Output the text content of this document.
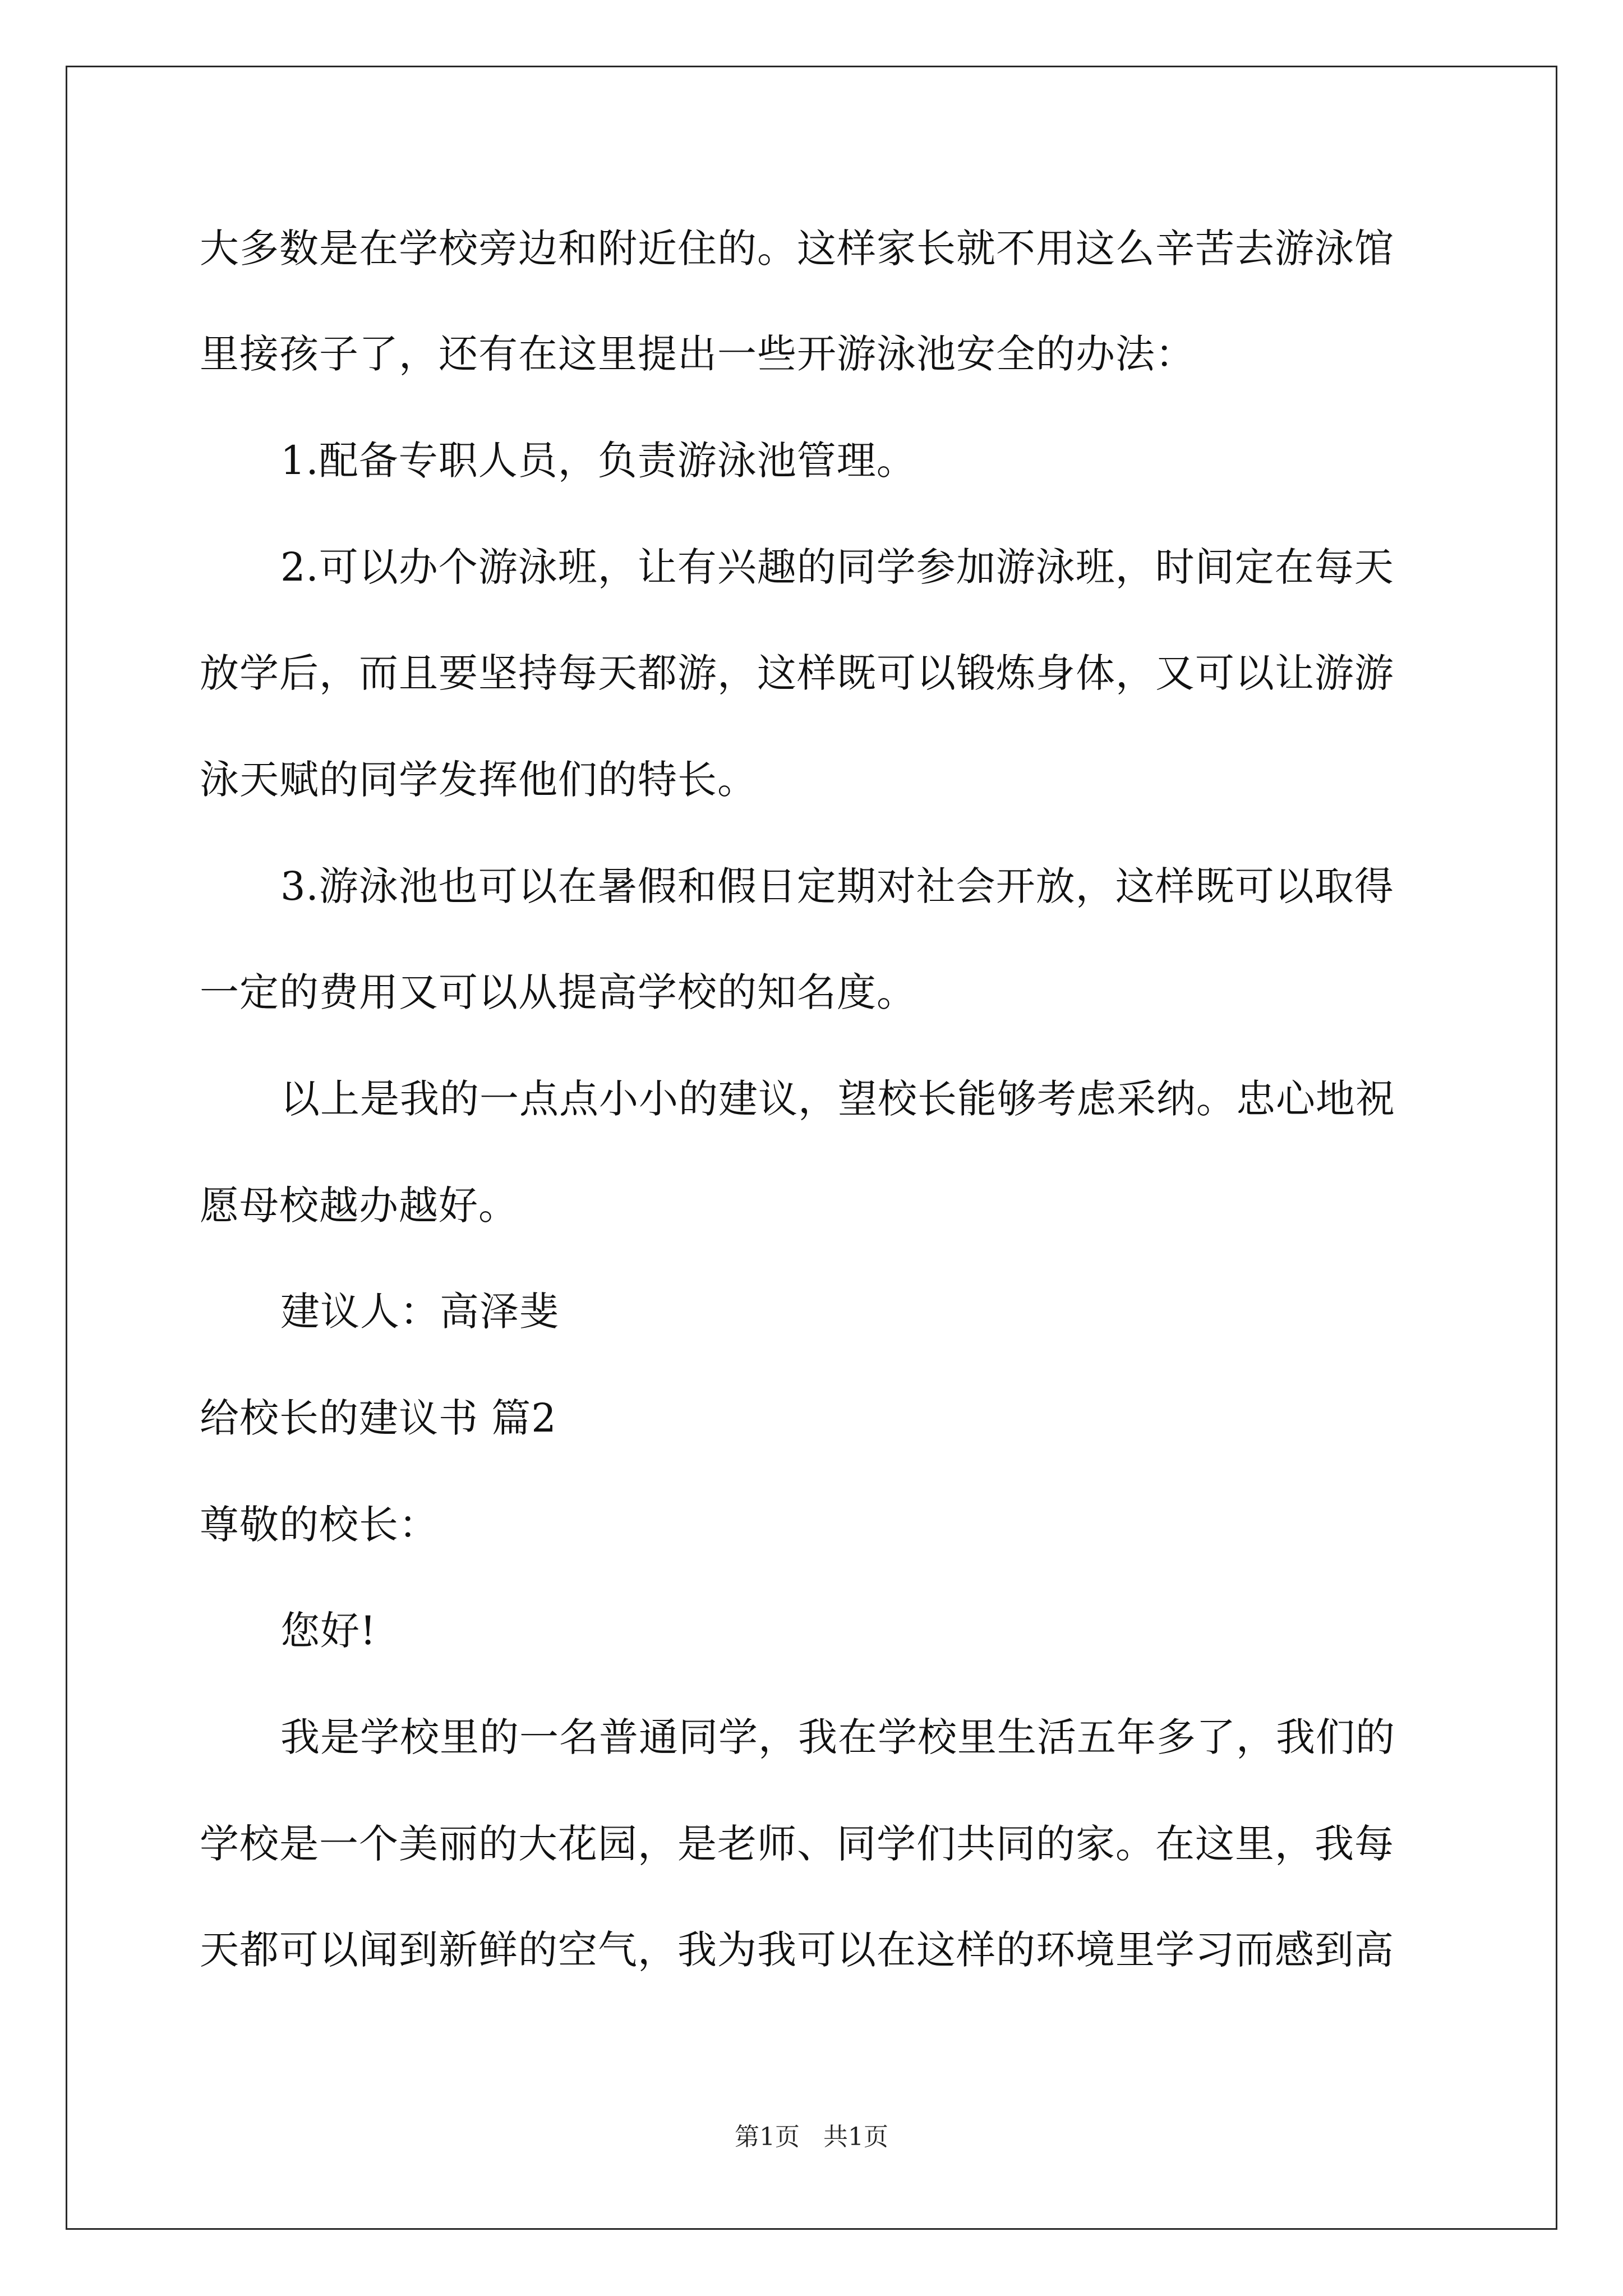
大多数是在学校旁边和附近住的。这样家长就不用这么辛苦去游泳馆
里接孩子了，还有在这里提出一些开游泳池安全的办法：
1.配备专职人员，负责游泳池管理。
2.可以办个游泳班，让有兴趣的同学参加游泳班，时间定在每天
放学后，而且要坚持每天都游，这样既可以锻炼身体，又可以让游游
泳天赋的同学发挥他们的特长。
3.游泳池也可以在暑假和假日定期对社会开放，这样既可以取得
一定的费用又可以从提高学校的知名度。
以上是我的一点点小小的建议，望校长能够考虑采纳。忠心地祝
愿母校越办越好。
建议人：高泽斐
给校长的建议书 篇2
尊敬的校长：
您好!
我是学校里的一名普通同学，我在学校里生活五年多了，我们的
学校是一个美丽的大花园，是老师、同学们共同的家。在这里，我每
天都可以闻到新鲜的空气，我为我可以在这样的环境里学习而感到高
第1页   共1页
